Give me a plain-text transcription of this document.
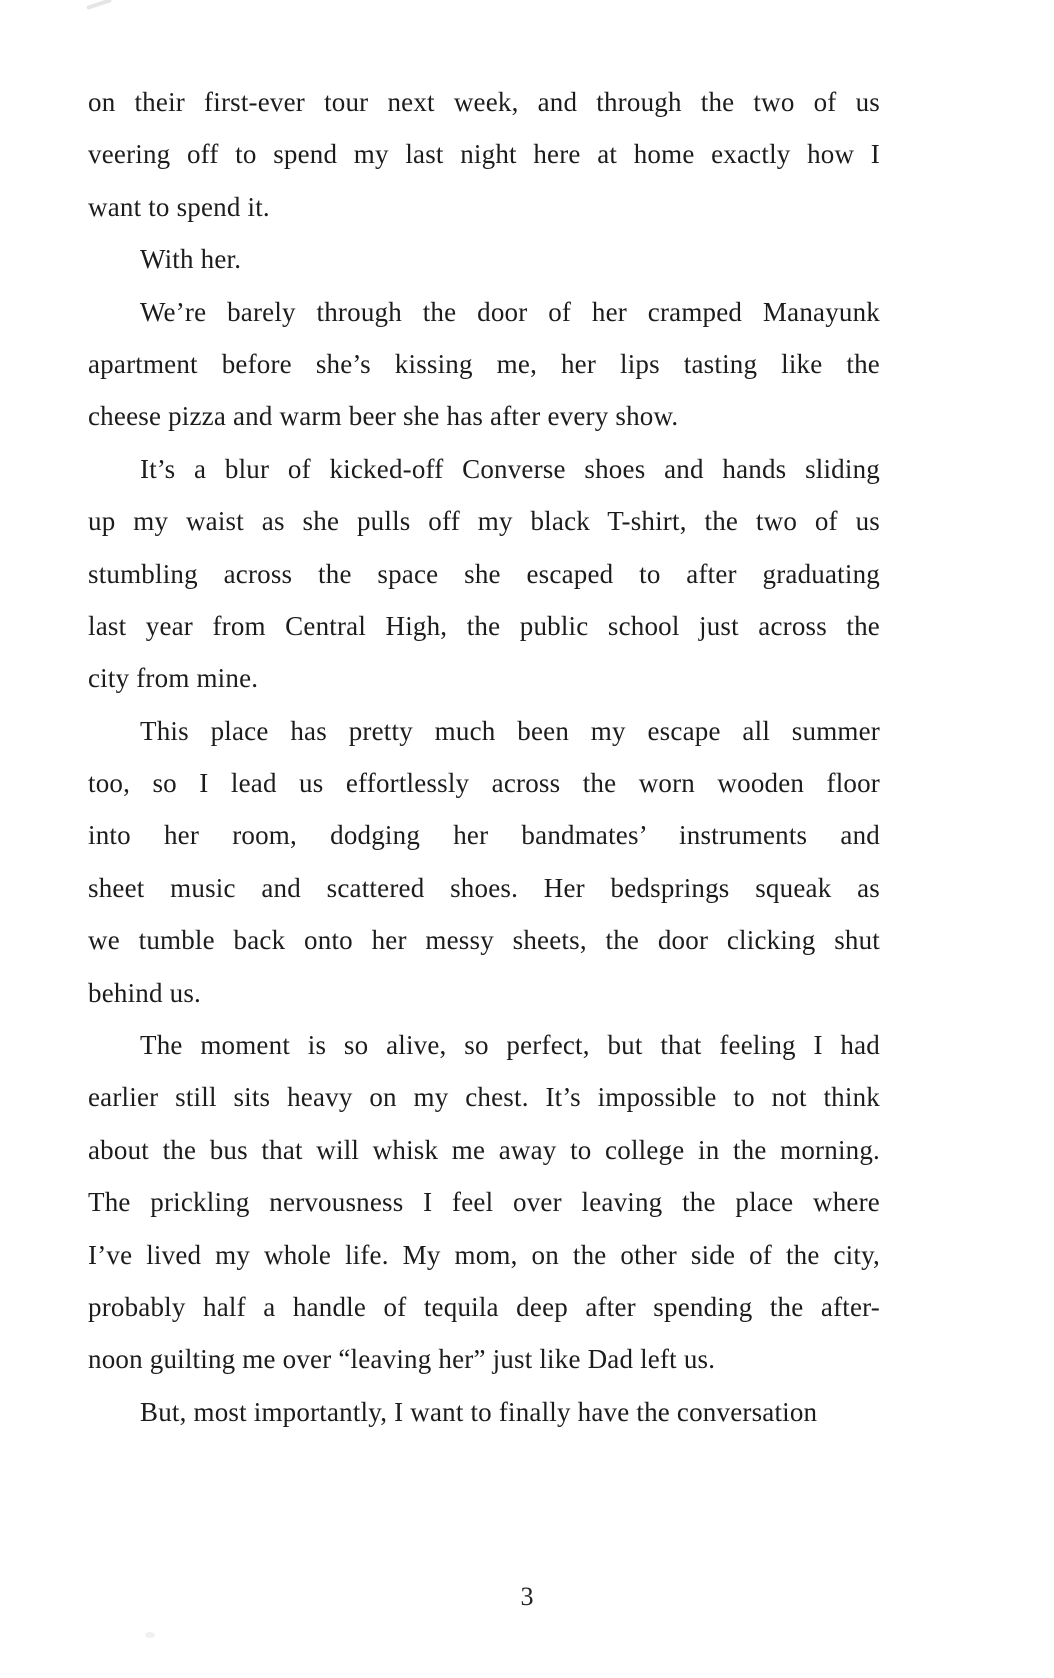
on their first-ever tour next week, and through the two of us
veering off to spend my last night here at home exactly how I
want to spend it.
With her.
We’re barely through the door of her cramped Manayunk
apartment before she’s kissing me, her lips tasting like the
cheese pizza and warm beer she has after every show.
It’s a blur of kicked-off Converse shoes and hands sliding
up my waist as she pulls off my black T-shirt, the two of us
stumbling across the space she escaped to after graduating
last year from Central High, the public school just across the
city from mine.
This place has pretty much been my escape all summer
too, so I lead us effortlessly across the worn wooden floor
into her room, dodging her bandmates’ instruments and
sheet music and scattered shoes. Her bedsprings squeak as
we tumble back onto her messy sheets, the door clicking shut
behind us.
The moment is so alive, so perfect, but that feeling I had
earlier still sits heavy on my chest. It’s impossible to not think
about the bus that will whisk me away to college in the morning.
The prickling nervousness I feel over leaving the place where
I’ve lived my whole life. My mom, on the other side of the city,
probably half a handle of tequila deep after spending the after-
noon guilting me over “leaving her” just like Dad left us.
But, most importantly, I want to finally have the conversation
3
